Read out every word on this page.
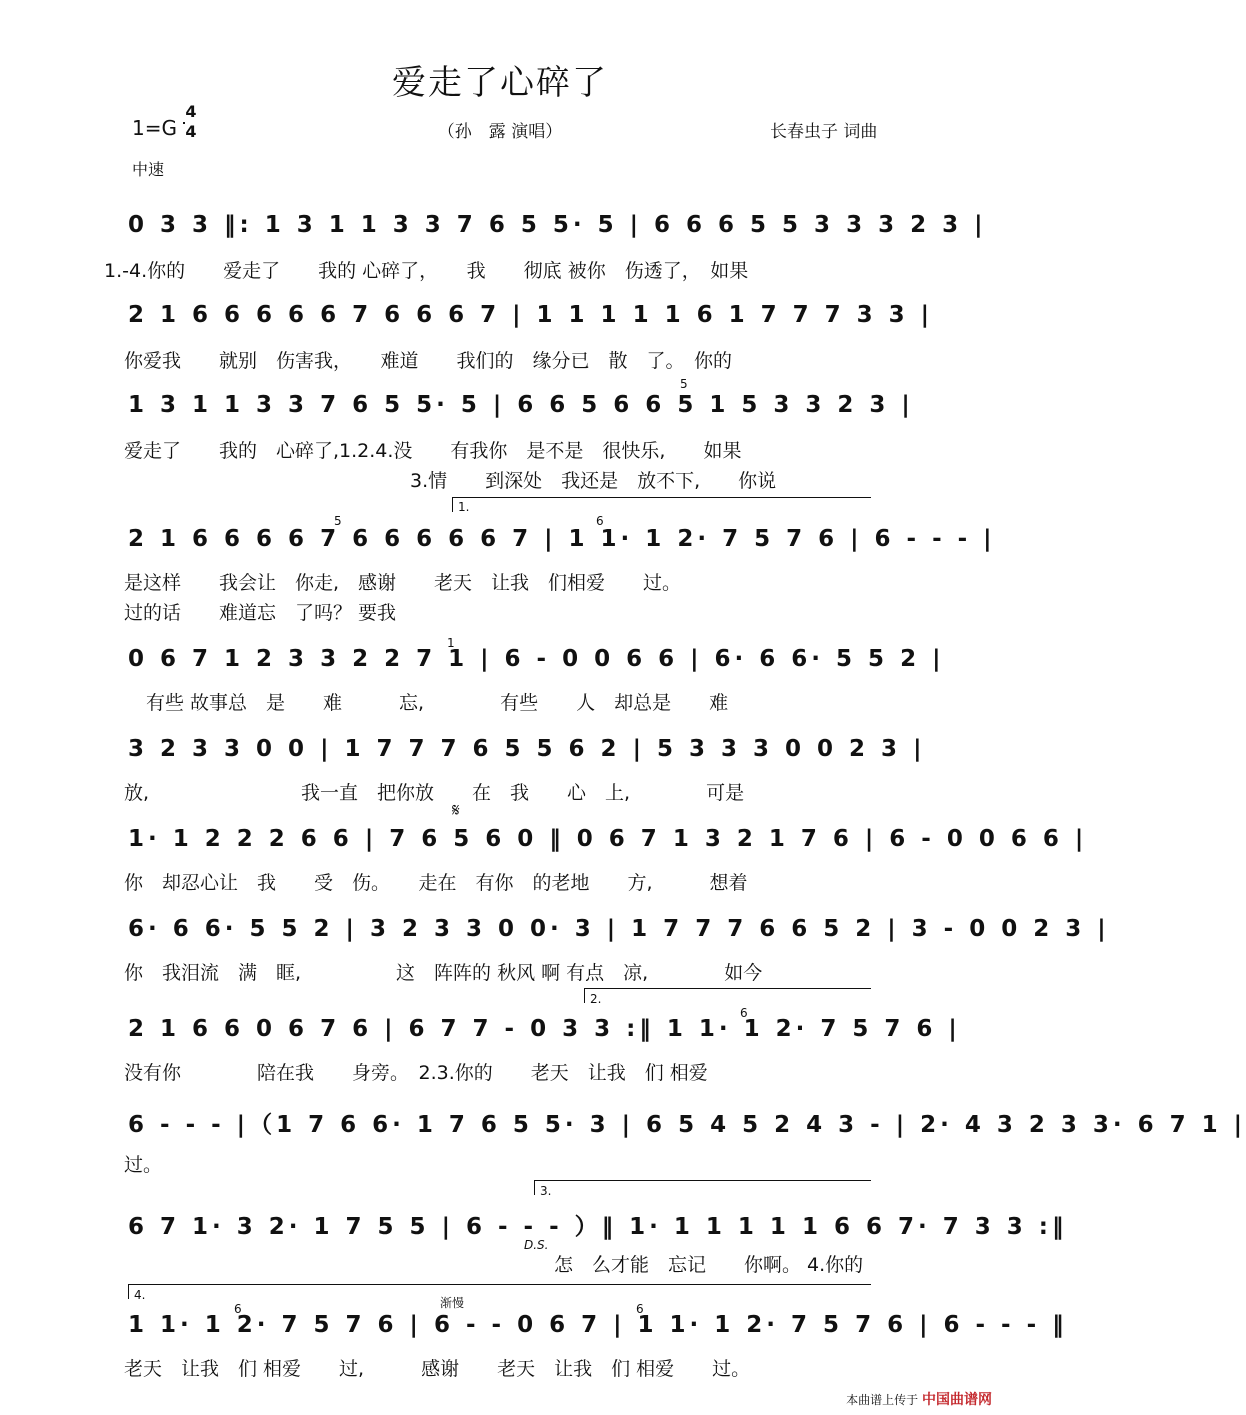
爱走了心碎了
1=G
4
4	（孙　露 演唱）	长春虫子 词曲
中速
0 3 3 ‖: 1 3 1 1 3 3 7 6 5 5· 5 | 6 6 6 5 5 3 3 3 2 3 |
1.-4.你的　　爱走了　　我的 心碎了，　　我　　彻底 被你　伤透了，　如果
2 1 6 6 6 6 6 7 6 6 6 7 | 1 1 1 1 1 6 1 7 7 7 3 3 |
你爱我　　就别　伤害我，　　难道　　我们的　缘分已　散　了。　你的
5
1 3 1 1 3 3 7 6 5 5· 5 | 6 6 5 6 6 5 1 5 3 3 2 3 |
爱走了　　我的　心碎了,1.2.4.没　　有我你　是不是　很快乐,　　如果
3.情　　到深处　我还是　放不下,　　你说
1.
5	6
2 1 6 6 6 6 7 6 6 6 6 6 7 | 1 1· 1 2· 7 5 7 6 | 6 - - - |
是这样　　我会让　你走,　感谢　　老天　让我　们相爱　　过。
过的话　　难道忘　了吗？ 要我
1
0 6 7 1 2 3 3 2 2 7 1 | 6 - 0 0 6 6 | 6· 6 6· 5 5 2 |
有些 故事总　是　　难　　　忘,　　　　有些　　人　却总是　　难
3 2 3 3 0 0 | 1 7 7 7 6 5 5 6 2 | 5 3 3 3 0 0 2 3 |
放,　　　　　　　　我一直　把你放　　在　我　　心　上,　　　　可是
𝄋
1· 1 2 2 2 6 6 | 7 6 5 6 0 ‖ 0 6 7 1 3 2 1 7 6 | 6 - 0 0 6 6 |
你　却忍心让　我　　受　伤。　　走在　有你　的老地　　方,　　　想着
6· 6 6· 5 5 2 | 3 2 3 3 0 0· 3 | 1 7 7 7 6 6 5 2 | 3 - 0 0 2 3 |
你　我泪流　满　眶,　　　　　这　阵阵的 秋风 啊 有点　凉,　　　　如今
2.
6
2 1 6 6 0 6 7 6 | 6 7 7 - 0 3 3 :‖ 1 1· 1 2· 7 5 7 6 |
没有你　　　　陪在我　　身旁。　2.3.你的　　老天　让我　们 相爱
6 - - - |（1 7 6 6· 1 7 6 5 5· 3 | 6 5 4 5 2 4 3 - | 2· 4 3 2 3 3· 6 7 1 |
过。
3.
D.S.
6 7 1· 3 2· 1 7 5 5 | 6 - - - ）‖ 1· 1 1 1 1 1 6 6 7· 7 3 3 :‖
怎　么才能　忘记　　你啊。 4.你的
4.
渐慢
6	6
1 1· 1 2· 7 5 7 6 | 6 - - 0 6 7 | 1 1· 1 2· 7 5 7 6 | 6 - - - ‖
老天　让我　们 相爱　　过,　　　感谢　　老天　让我　们 相爱　　过。
本曲谱上传于 中国曲谱网
